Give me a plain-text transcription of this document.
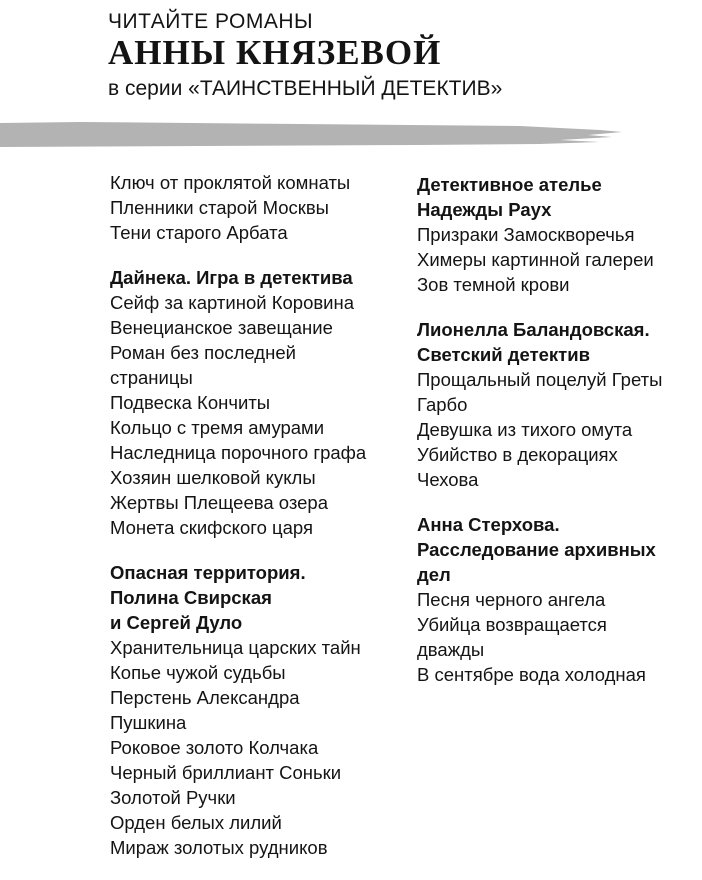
ЧИТАЙТЕ РОМАНЫ
АННЫ КНЯЗЕВОЙ
в серии «ТАИНСТВЕННЫЙ ДЕТЕКТИВ»
Ключ от проклятой комнаты
Пленники старой Москвы
Тени старого Арбата
Дайнека. Игра в детектива
Сейф за картиной Коровина
Венецианское завещание
Роман без последней
страницы
Подвеска Кончиты
Кольцо с тремя амурами
Наследница порочного графа
Хозяин шелковой куклы
Жертвы Плещеева озера
Монета скифского царя
Опасная территория.
Полина Свирская
и Сергей Дуло
Хранительница царских тайн
Копье чужой судьбы
Перстень Александра
Пушкина
Роковое золото Колчака
Черный бриллиант Соньки
Золотой Ручки
Орден белых лилий
Мираж золотых рудников
Детективное ателье
Надежды Раух
Призраки Замоскворечья
Химеры картинной галереи
Зов темной крови
Лионелла Баландовская.
Светский детектив
Прощальный поцелуй Греты
Гарбо
Девушка из тихого омута
Убийство в декорациях
Чехова
Анна Стерхова.
Расследование архивных
дел
Песня черного ангела
Убийца возвращается
дважды
В сентябре вода холодная
